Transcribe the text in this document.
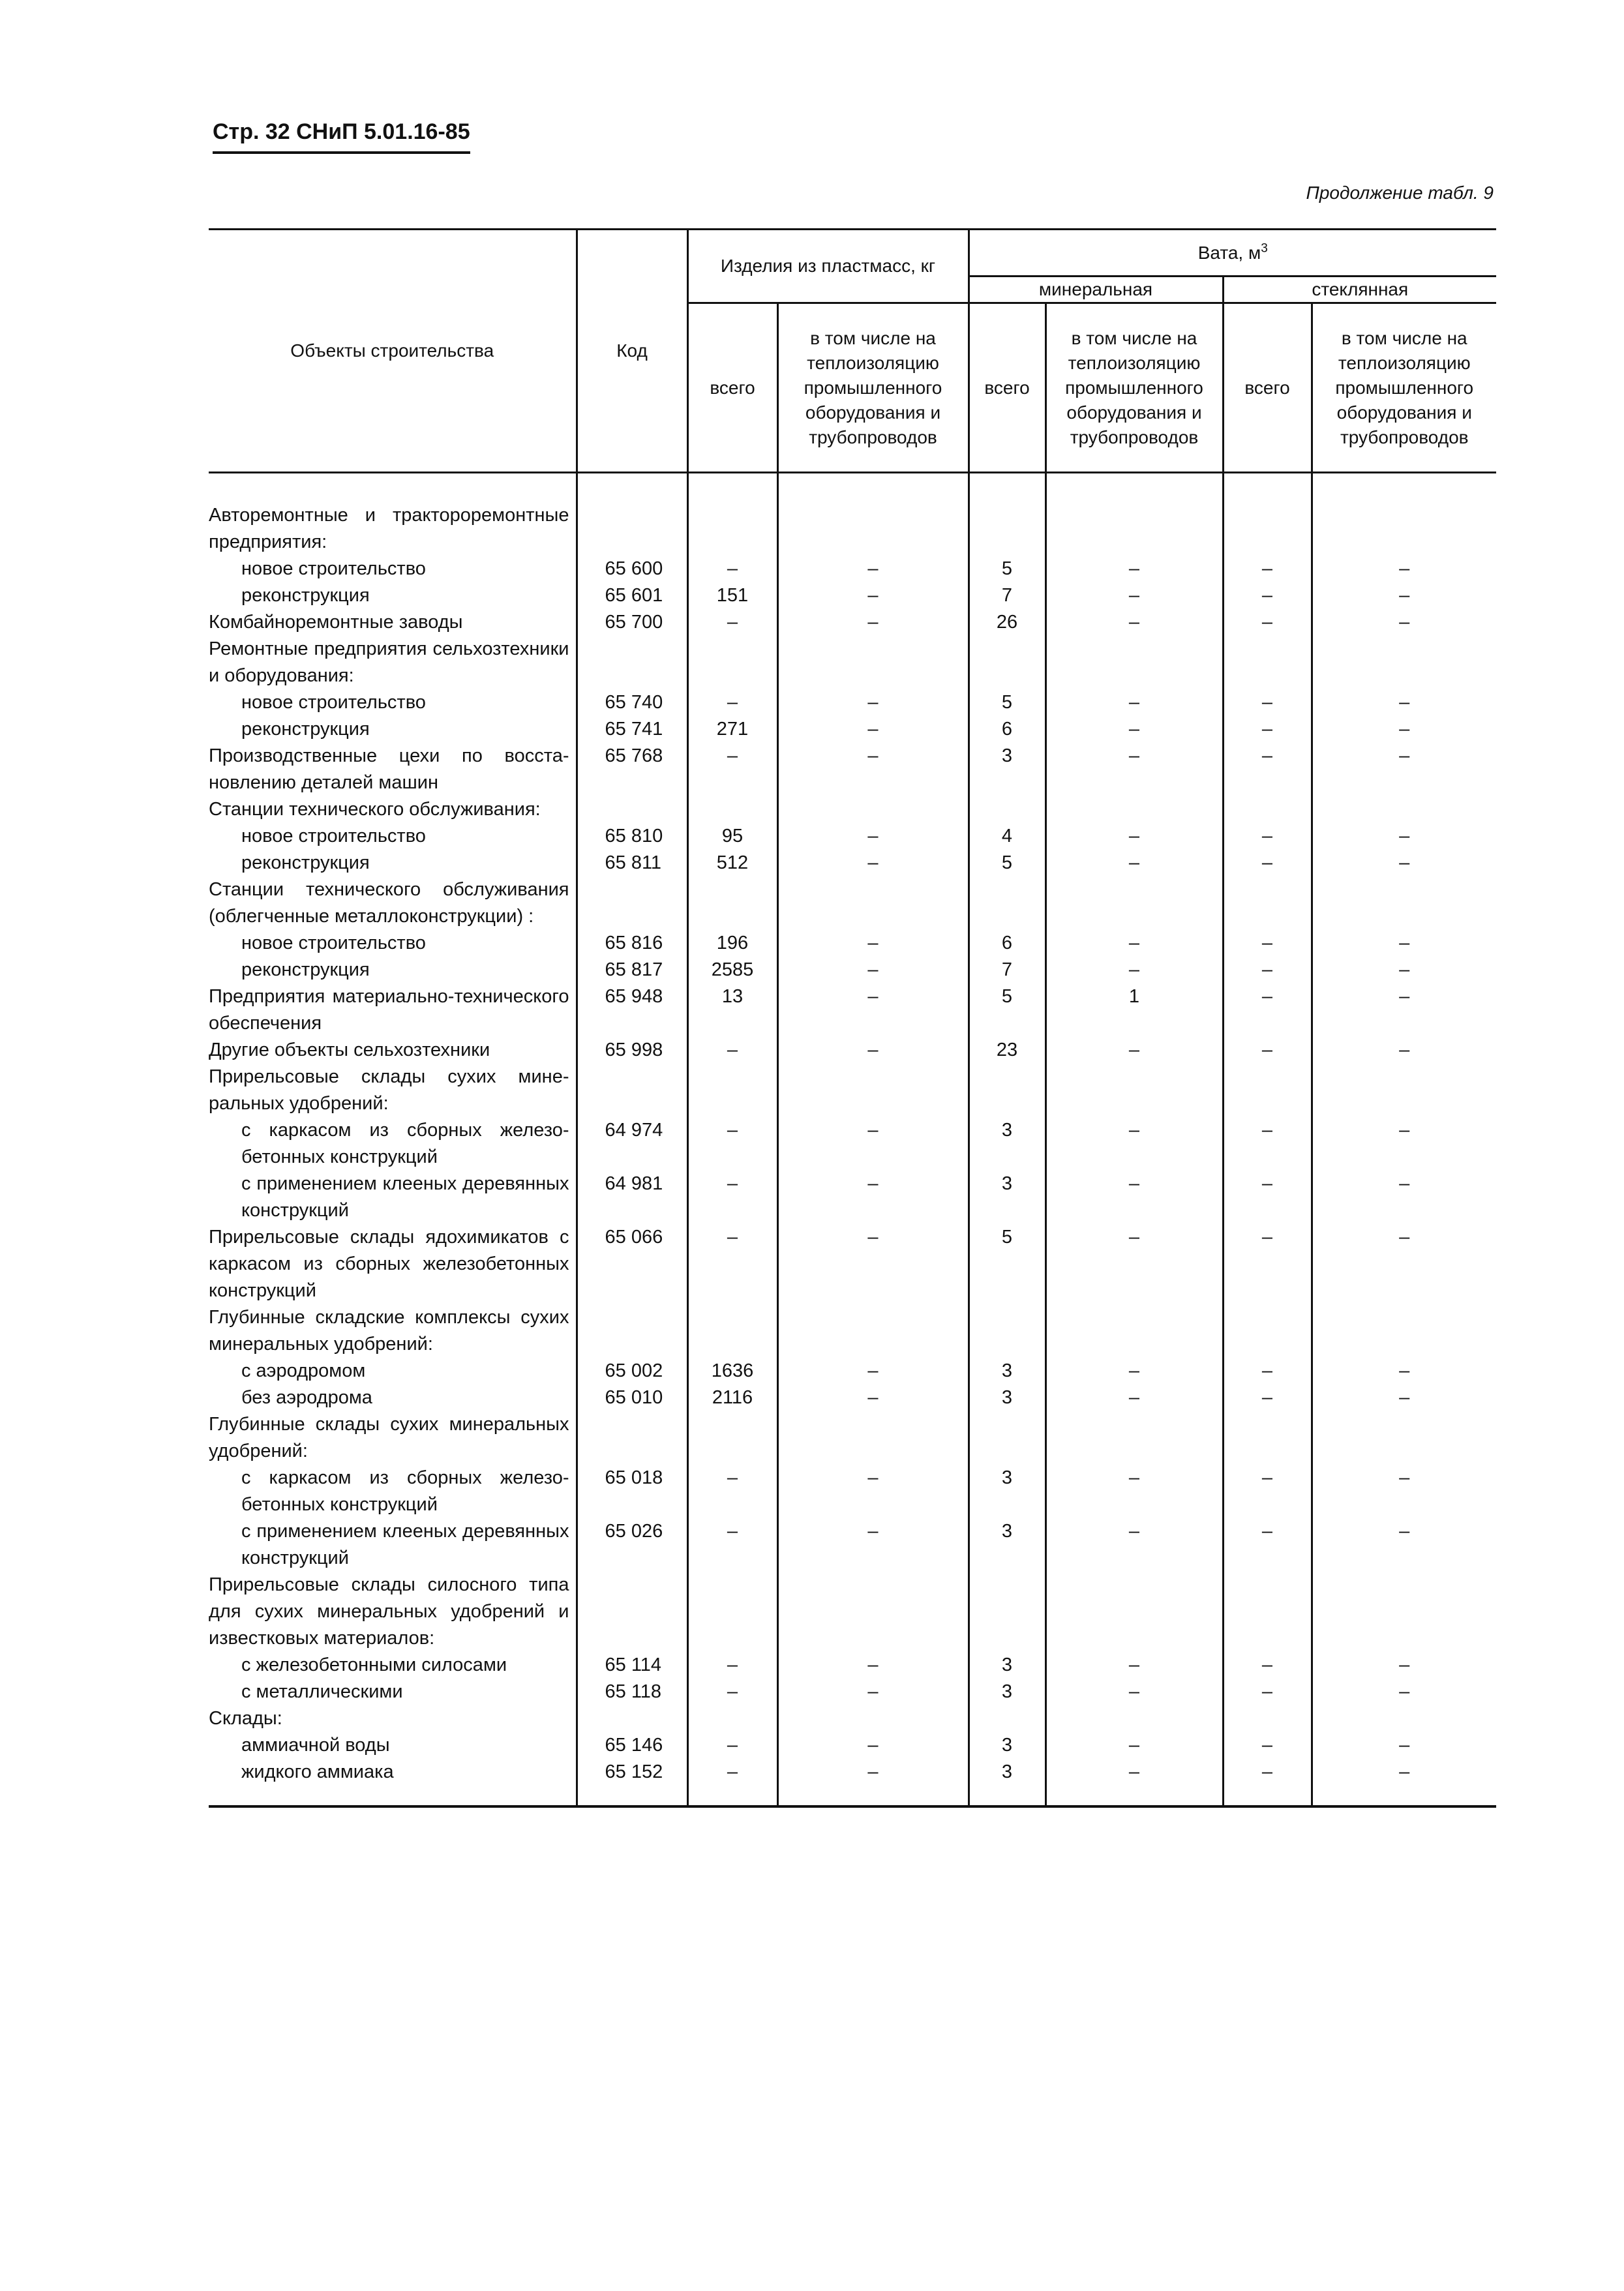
Стр. 32 СНиП 5.01.16-85
Продолжение табл. 9
Объекты строительства	Код	Изделия из пластмасс, кг		Вата, $м^3$
				минеральная		стеклянная	
		всего	в том числе на теплоизоляцию промышленного оборудования и трубопроводов	всего	в том числе на теплоизоляцию промышленного оборудования и трубопроводов	всего	в том числе на теплоизоляцию промышленного оборудования и трубопроводов

Авторемонтные и трактороремонтные предприятия:							
новое строительство	65 600	–	–	5	–	–	–
реконструкция	65 601	151	–	7	–	–	–
Комбайноремонтные заводы	65 700	–	–	26	–	–	–
Ремонтные предприятия сельхозтехники и оборудования:							
новое строительство	65 740	–	–	5	–	–	–
реконструкция	65 741	271	–	6	–	–	–
Производственные цехи по восстановлению деталей машин	65 768	–	–	3	–	–	–
Станции технического обслуживания:							
новое строительство	65 810	95	–	4	–	–	–
реконструкция	65 811	512	–	5	–	–	–
Станции технического обслуживания (облегченные металлоконструкции) :							
новое строительство	65 816	196	–	6	–	–	–
реконструкция	65 817	2585	–	7	–	–	–
Предприятия материально-технического обеспечения	65 948	13	–	5	1	–	–
Другие объекты сельхозтехники	65 998	–	–	23	–	–	–
Прирельсовые склады сухих минеральных удобрений:							
с каркасом из сборных железобетонных конструкций	64 974	–	–	3	–	–	–
с применением клееных деревянных конструкций	64 981	–	–	3	–	–	–
Прирельсовые склады ядохимикатов с каркасом из сборных железобетонных конструкций	65 066	–	–	5	–	–	–
Глубинные складские комплексы сухих минеральных удобрений:							
с аэродромом	65 002	1636	–	3	–	–	–
без аэродрома	65 010	2116	–	3	–	–	–
Глубинные склады сухих минеральных удобрений:							
с каркасом из сборных железобетонных конструкций	65 018	–	–	3	–	–	–
с применением клееных деревянных конструкций	65 026	–	–	3	–	–	–
Прирельсовые склады силосного типа для сухих минеральных удобрений и известковых материалов:							
с железобетонными силосами	65 114	–	–	3	–	–	–
с металлическими	65 118	–	–	3	–	–	–
Склады:							
аммиачной воды	65 146	–	–	3	–	–	–
жидкого аммиака	65 152	–	–	3	–	–	–
